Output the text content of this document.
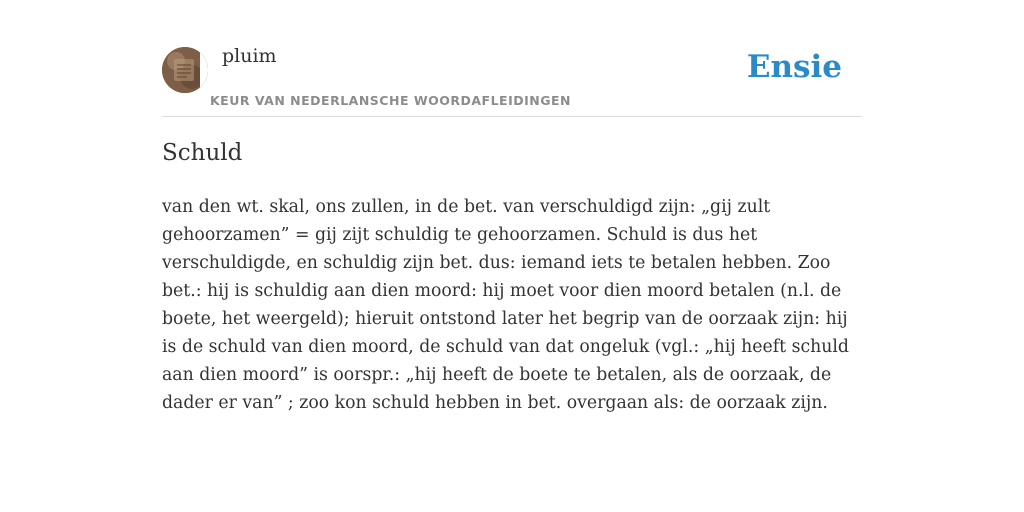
pluim
KEUR VAN NEDERLANSCHE WOORDAFLEIDINGEN
Ensie
Schuld

van den wt. skal, ons zullen, in de bet. van verschuldigd zijn: „gij zult gehoorzamen” = gij zijt schuldig te gehoorzamen. Schuld is dus het verschuldigde, en schuldig zijn bet. dus: iemand iets te betalen hebben. Zoo bet.: hij is schuldig aan dien moord: hij moet voor dien moord betalen (n.l. de boete, het weergeld); hieruit ontstond later het begrip van de oorzaak zijn: hij is de schuld van dien moord, de schuld van dat ongeluk (vgl.: „hij heeft schuld aan dien moord” is oorspr.: „hij heeft de boete te betalen, als de oorzaak, de dader er van” ; zoo kon schuld hebben in bet. overgaan als: de oorzaak zijn.
